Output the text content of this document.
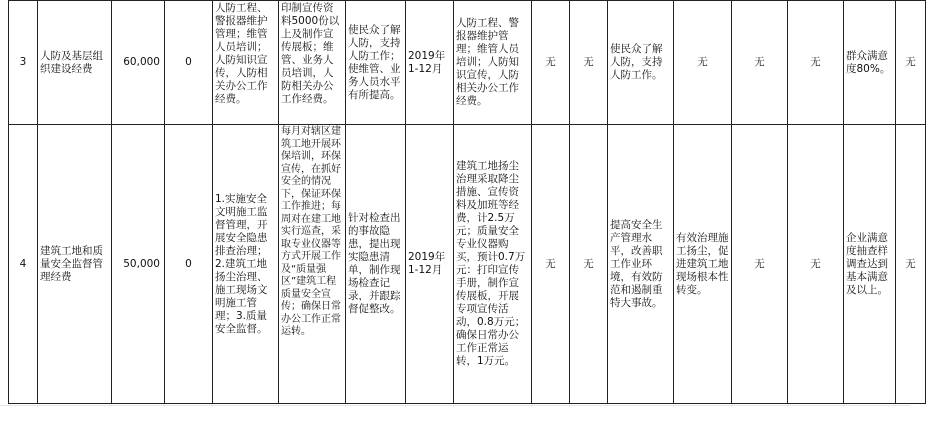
3	人防及基层组织建设经费	60,000	0	人防工程、警报器维护管理；维管人员培训；人防知识宣传，人防相关办公工作经费。	印制宣传资料5000份以上及制作宣传展板；维管、业务人员培训，人防相关办公工作经费。	使民众了解人防，支持人防工作；使维管、业务人员水平有所提高。	2019年1-12月	人防工程、警报器维护管理；维管人员培训；人防知识宣传，人防相关办公工作经费。	无	无	使民众了解人防，支持人防工作。	无	无	无	群众满意度80%。	无
4	建筑工地和质量安全监督管理经费	50,000	0	1.实施安全文明施工监督管理，开展安全隐患排查治理；2.建筑工地扬尘治理、施工现场文明施工管理；3.质量安全监督。	每月对辖区建筑工地开展环保培训，环保宣传，在抓好安全的情况下，保证环保工作推进；每周对在建工地实行巡查，采取专业仪器等方式开展工作及“质量强区”建筑工程质量安全宣传；确保日常办公工作正常运转。	针对检查出的事故隐患，提出现实隐患清单，制作现场检查记录，并跟踪督促整改。	2019年1-12月	建筑工地扬尘治理采取降尘措施、宣传资料及加班等经费，计2.5万元；质量安全专业仪器购买，预计0.7万元：打印宣传手册，制作宣传展板，开展专项宣传活动，0.8万元；确保日常办公工作正常运转，1万元。	无	无	提高安全生产管理水平，改善职工作业环境，有效防范和遏制重特大事故。	有效治理施工扬尘，促进建筑工地现场根本性转变。	无	无	企业满意度抽查样调查达到基本满意及以上。	无
